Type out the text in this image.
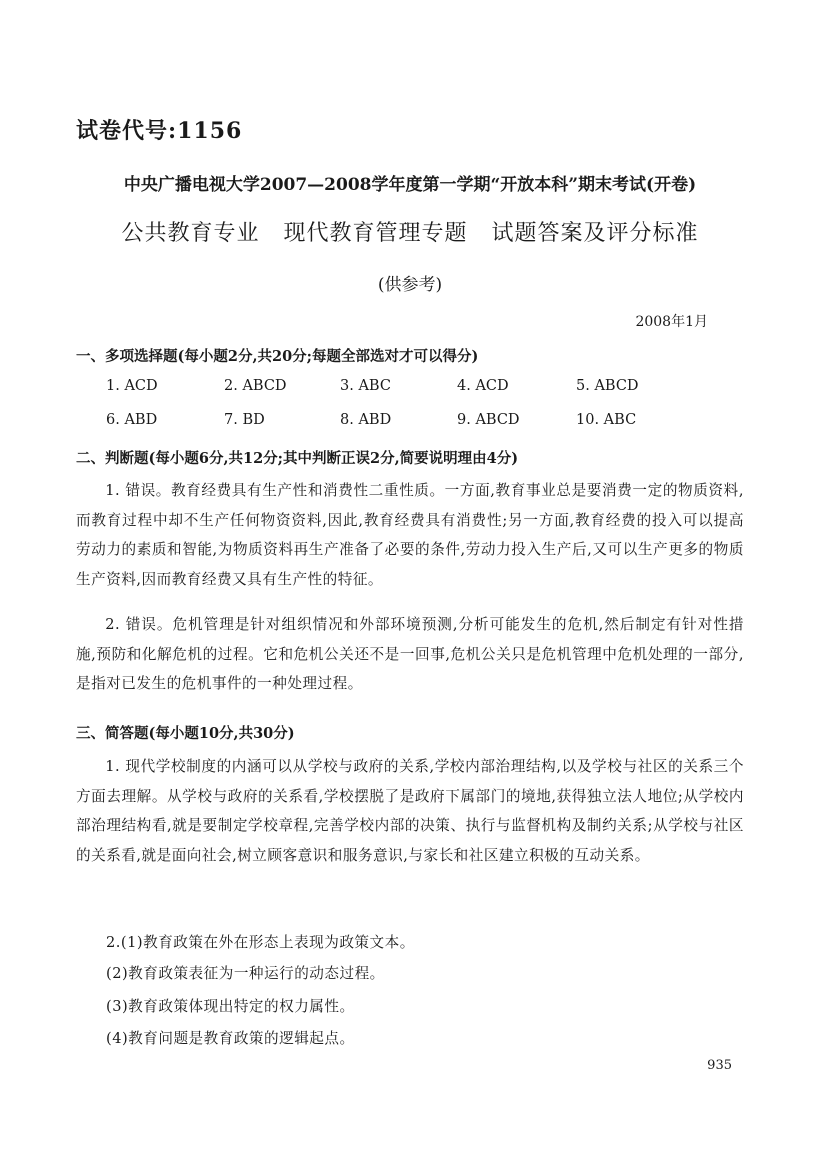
试卷代号:1156
中央广播电视大学2007—2008学年度第一学期“开放本科”期末考试(开卷)
公共教育专业   现代教育管理专题   试题答案及评分标准
(供参考)
2008年1月
一、多项选择题(每小题2分,共20分;每题全部选对才可以得分)
1. ACD	2. ABCD	3. ABC	4. ACD	5. ABCD
6. ABD	7. BD	8. ABD	9. ABCD	10. ABC
二、判断题(每小题6分,共12分;其中判断正误2分,简要说明理由4分)
1. 错误。教育经费具有生产性和消费性二重性质。一方面,教育事业总是要消费一定的物质资料,而教育过程中却不生产任何物资资料,因此,教育经费具有消费性;另一方面,教育经费的投入可以提高劳动力的素质和智能,为物质资料再生产准备了必要的条件,劳动力投入生产后,又可以生产更多的物质生产资料,因而教育经费又具有生产性的特征。
2. 错误。危机管理是针对组织情况和外部环境预测,分析可能发生的危机,然后制定有针对性措施,预防和化解危机的过程。它和危机公关还不是一回事,危机公关只是危机管理中危机处理的一部分,是指对已发生的危机事件的一种处理过程。
三、简答题(每小题10分,共30分)
1. 现代学校制度的内涵可以从学校与政府的关系,学校内部治理结构,以及学校与社区的关系三个方面去理解。从学校与政府的关系看,学校摆脱了是政府下属部门的境地,获得独立法人地位;从学校内部治理结构看,就是要制定学校章程,完善学校内部的决策、执行与监督机构及制约关系;从学校与社区的关系看,就是面向社会,树立顾客意识和服务意识,与家长和社区建立积极的互动关系。
2.(1)教育政策在外在形态上表现为政策文本。
(2)教育政策表征为一种运行的动态过程。
(3)教育政策体现出特定的权力属性。
(4)教育问题是教育政策的逻辑起点。
935
